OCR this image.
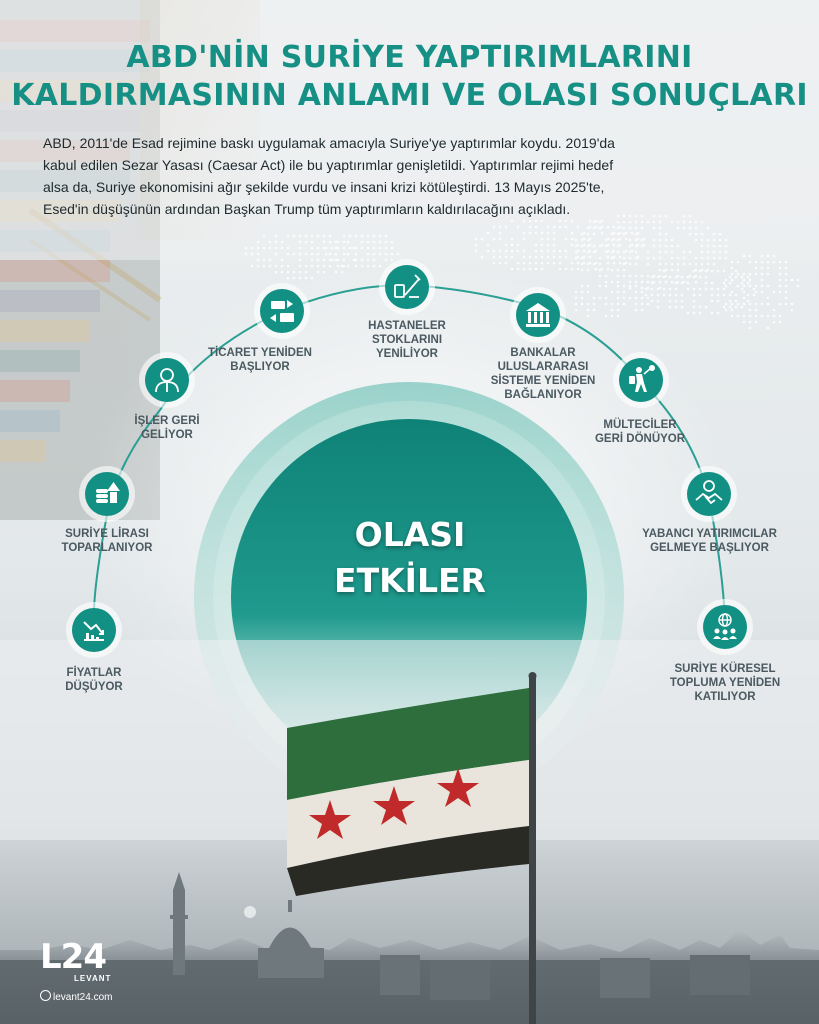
ABD'NİN SURİYE YAPTIRIMLARINI
KALDIRMASININ ANLAMI VE OLASI SONUÇLARI
ABD, 2011'de Esad rejimine baskı uygulamak amacıyla Suriye'ye yaptırımlar koydu. 2019'da
kabul edilen Sezar Yasası (Caesar Act) ile bu yaptırımlar genişletildi. Yaptırımlar rejimi hedef
alsa da, Suriye ekonomisini ağır şekilde vurdu ve insani krizi kötüleştirdi. 13 Mayıs 2025'te,
Esed'in düşüşünün ardından Başkan Trump tüm yaptırımların kaldırılacağını açıkladı.
FİYATLAR
DÜŞÜYOR
SURİYE LİRASI
TOPARLANIYOR
İŞLER GERİ
GELİYOR
TİCARET YENİDEN
BAŞLIYOR
HASTANELER
STOKLARINI YENİLİYOR	BANKALAR
ULUSLARARASI
SİSTEME YENİDEN
BAĞLANIYOR
MÜLTECİLER
GERİ DÖNÜYOR
YABANCI YATIRIMCILAR
GELMEYE BAŞLIYOR
SURİYE KÜRESEL
TOPLUMA YENİDEN
KATILIYOR
OLASI
ETKİLER
L24
LEVANT
levant24.com
